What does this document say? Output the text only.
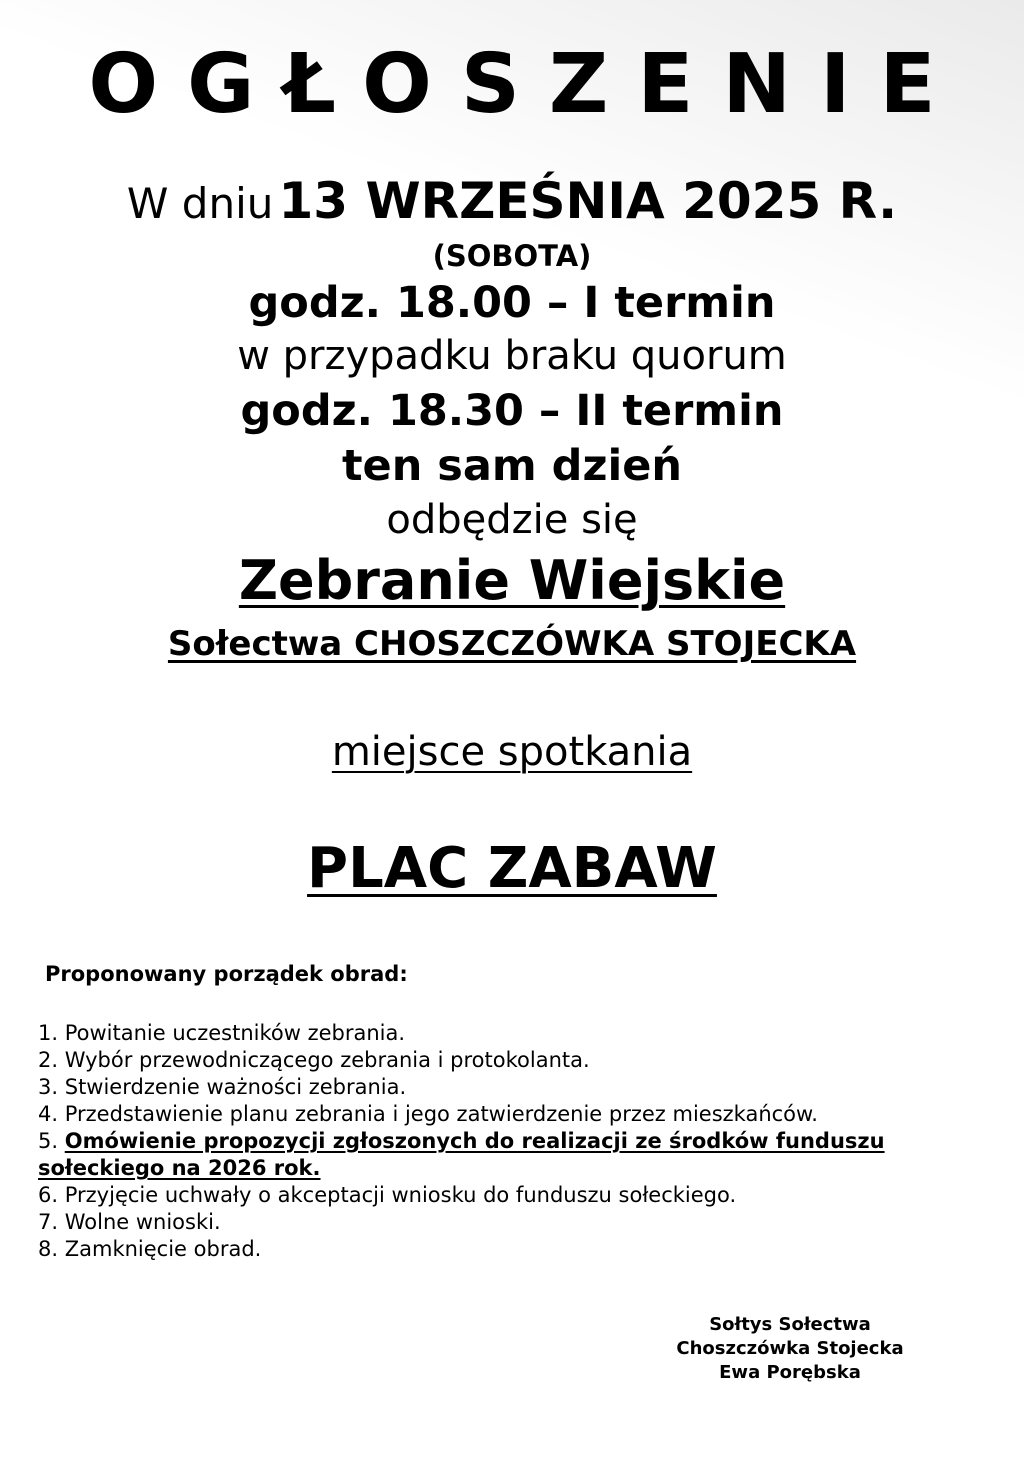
OGŁOSZENIE
W dniu 13 WRZEŚNIA 2025 R.
(SOBOTA)
godz. 18.00 – I termin
w przypadku braku quorum
godz. 18.30 – II termin
ten sam dzień
odbędzie się
Zebranie Wiejskie
Sołectwa CHOSZCZÓWKA STOJECKA
miejsce spotkania
PLAC ZABAW
Proponowany porządek obrad:
1. Powitanie uczestników zebrania.
2. Wybór przewodniczącego zebrania i protokolanta.
3. Stwierdzenie ważności zebrania.
4. Przedstawienie planu zebrania i jego zatwierdzenie przez mieszkańców.
5. Omówienie propozycji zgłoszonych do realizacji ze środków funduszu sołeckiego na 2026 rok.
6. Przyjęcie uchwały o akceptacji wniosku do funduszu sołeckiego.
7. Wolne wnioski.
8. Zamknięcie obrad.
Sołtys Sołectwa
Choszczówka Stojecka
Ewa Porębska
